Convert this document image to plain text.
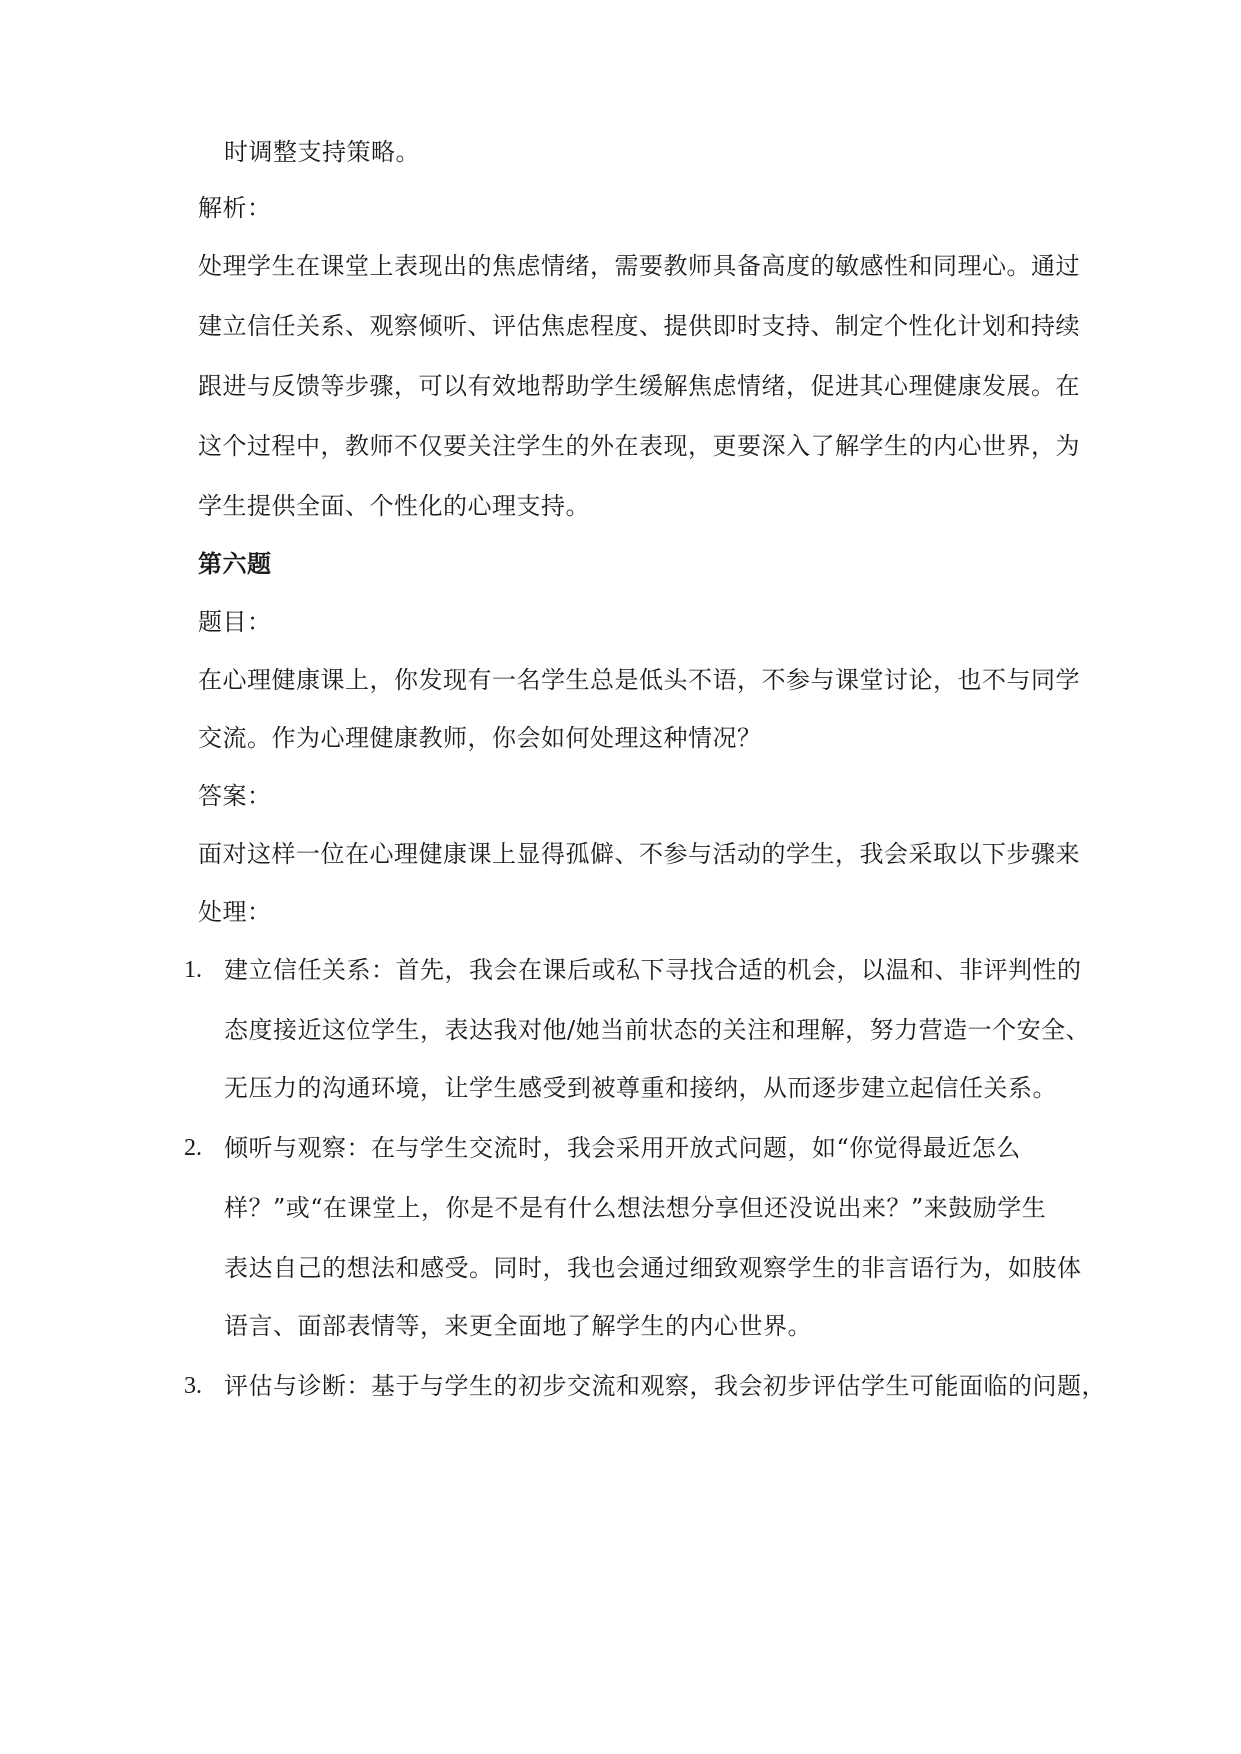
时调整支持策略。
解析：
处理学生在课堂上表现出的焦虑情绪，需要教师具备高度的敏感性和同理心。通过
建立信任关系、观察倾听、评估焦虑程度、提供即时支持、制定个性化计划和持续
跟进与反馈等步骤，可以有效地帮助学生缓解焦虑情绪，促进其心理健康发展。在
这个过程中，教师不仅要关注学生的外在表现，更要深入了解学生的内心世界，为
学生提供全面、个性化的心理支持。
第六题
题目：
在心理健康课上，你发现有一名学生总是低头不语，不参与课堂讨论，也不与同学
交流。作为心理健康教师，你会如何处理这种情况？
答案：
面对这样一位在心理健康课上显得孤僻、不参与活动的学生，我会采取以下步骤来
处理：
1. 建立信任关系：首先，我会在课后或私下寻找合适的机会，以温和、非评判性的
态度接近这位学生，表达我对他/她当前状态的关注和理解，努力营造一个安全、
无压力的沟通环境，让学生感受到被尊重和接纳，从而逐步建立起信任关系。
2. 倾听与观察：在与学生交流时，我会采用开放式问题，如“你觉得最近怎么
样？”或“在课堂上，你是不是有什么想法想分享但还没说出来？”来鼓励学生
表达自己的想法和感受。同时，我也会通过细致观察学生的非言语行为，如肢体
语言、面部表情等，来更全面地了解学生的内心世界。
3. 评估与诊断：基于与学生的初步交流和观察，我会初步评估学生可能面临的问题，
